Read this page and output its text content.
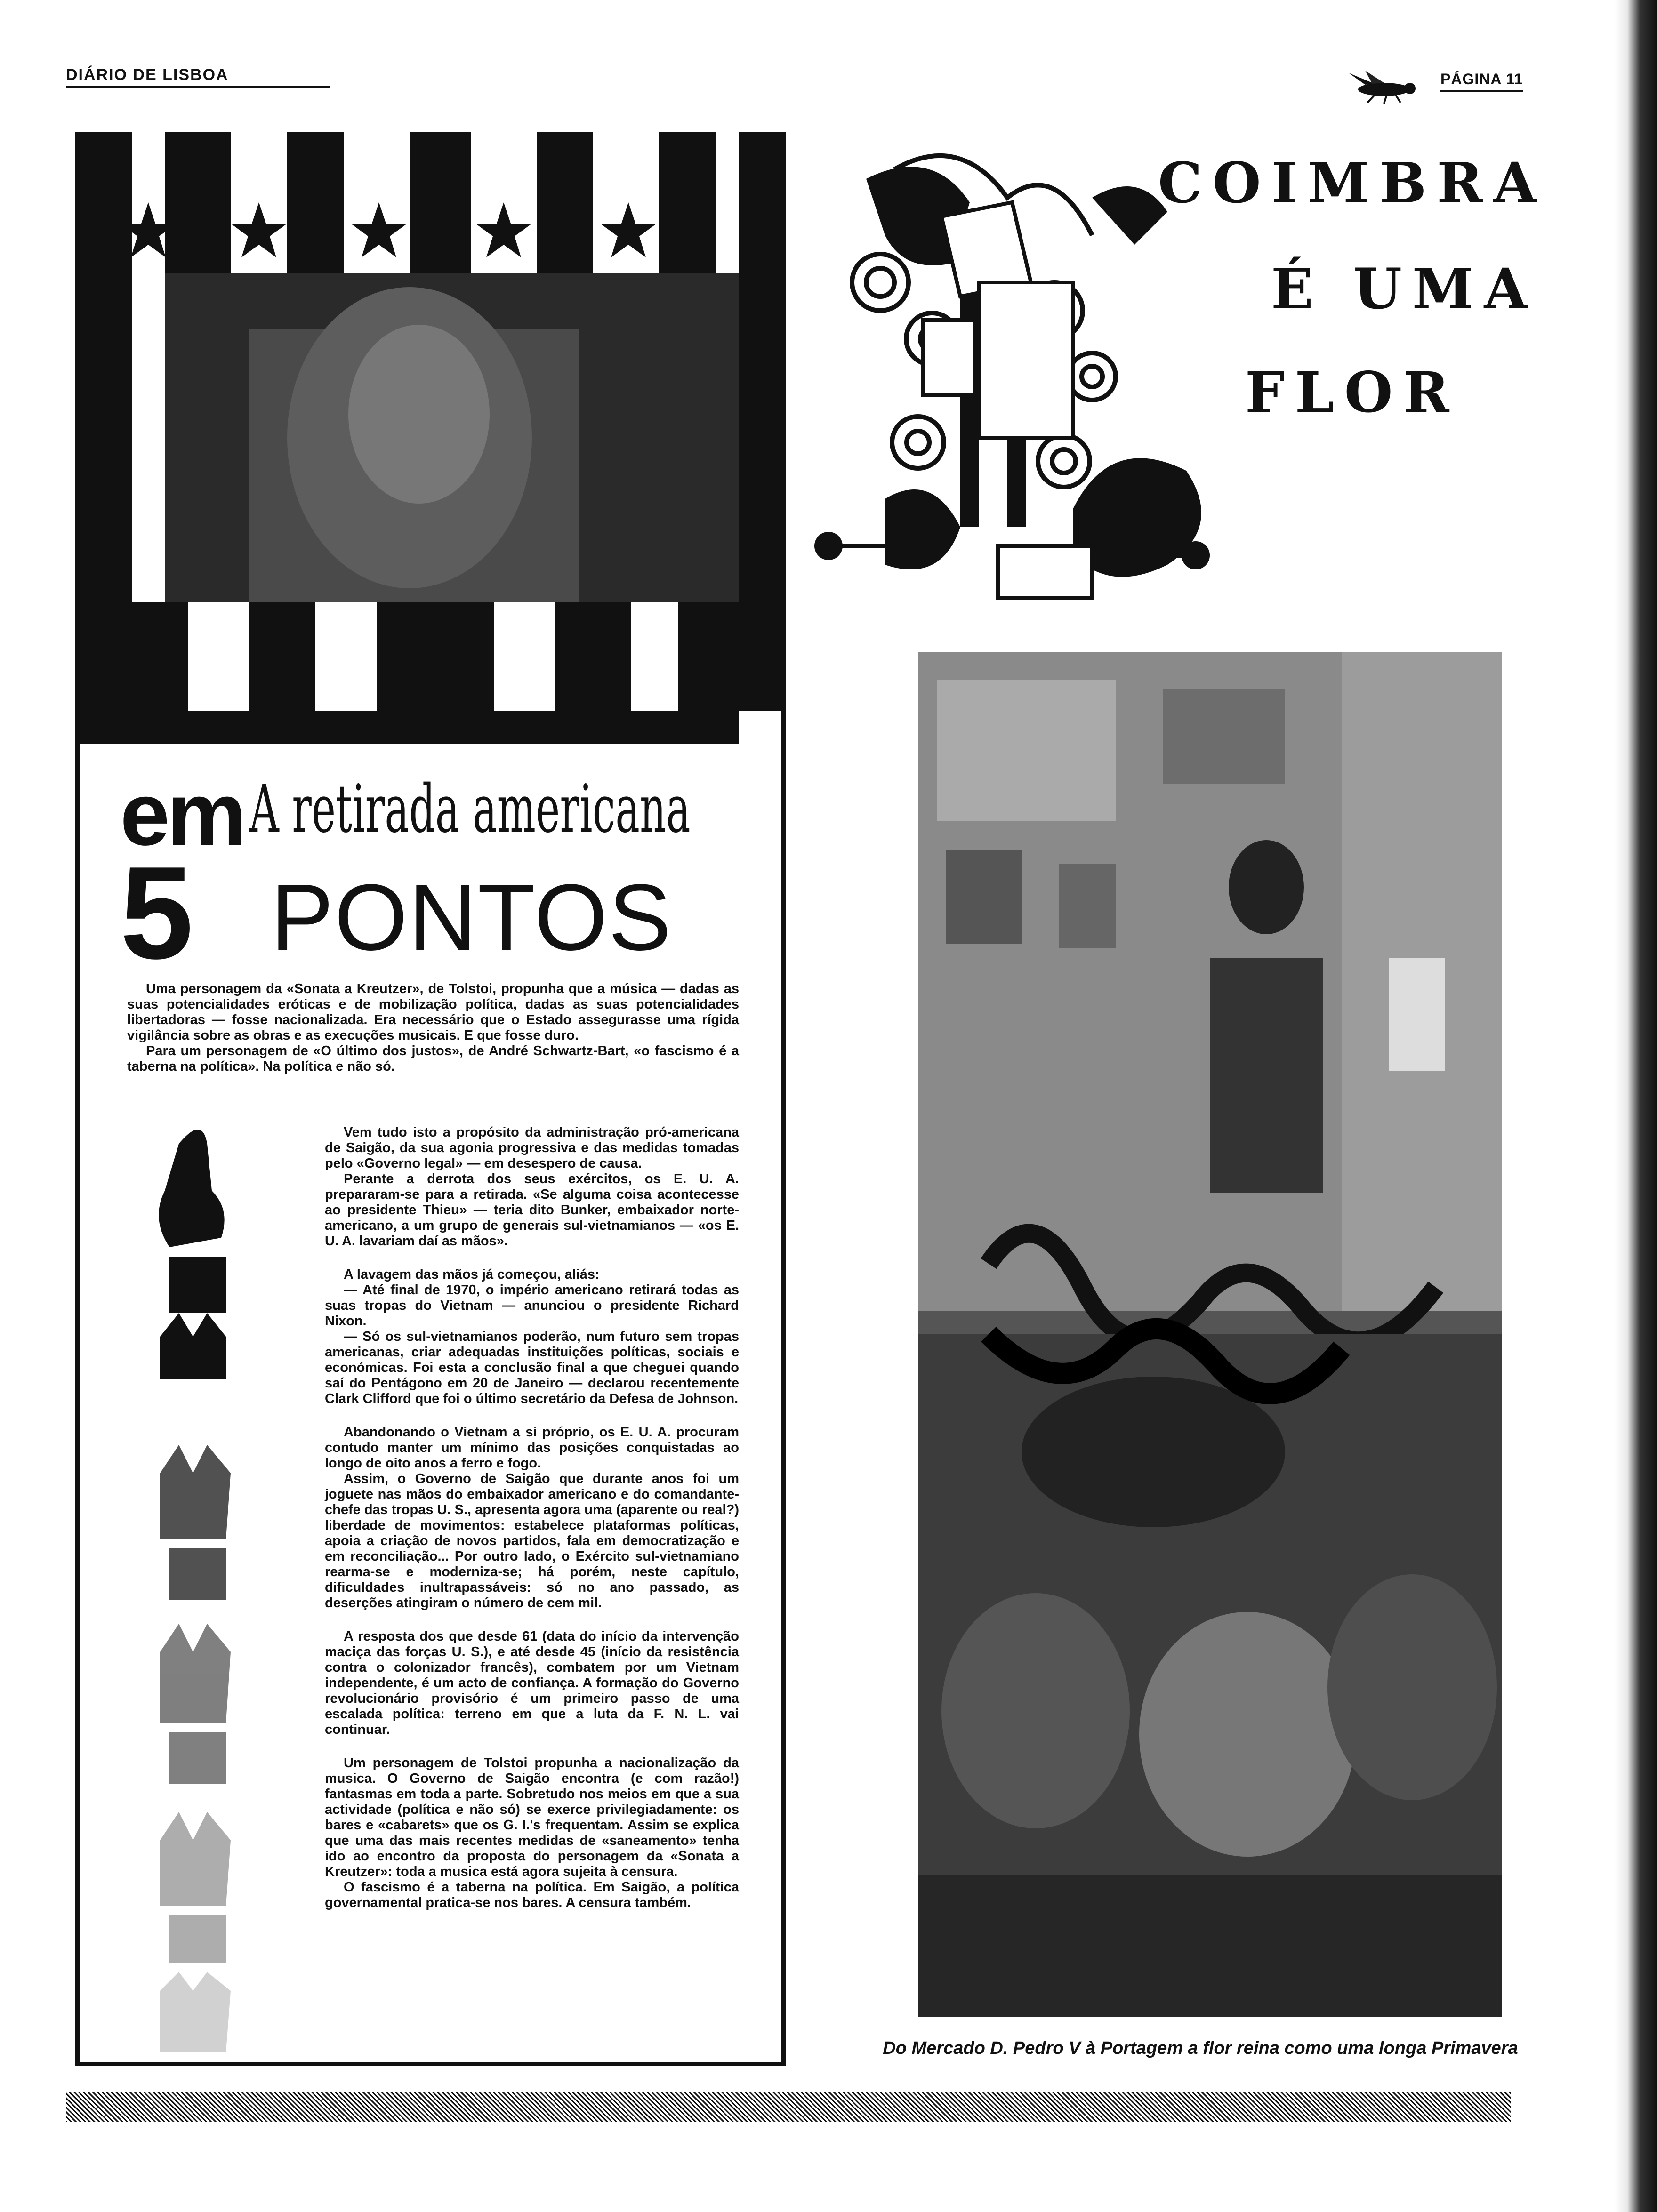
DIÁRIO DE LISBOA	PÁGINA 11
em A retirada americana
5 PONTOS

Uma personagem da «Sonata a Kreutzer», de Tolstoi, propunha que a música — dadas as suas potencialidades eróticas e de mobilização política, dadas as suas potencialidades libertadoras — fosse nacionalizada. Era necessário que o Estado assegurasse uma rígida vigilância sobre as obras e as execuções musicais. E que fosse duro.

Para um personagem de «O último dos justos», de André Schwartz-Bart, «o fascismo é a taberna na política». Na política e não só.

Vem tudo isto a propósito da administração pró-americana de Saigão, da sua agonia progressiva e das medidas tomadas pelo «Governo legal» — em desespero de causa.

Perante a derrota dos seus exércitos, os E. U. A. prepararam-se para a retirada. «Se alguma coisa acontecesse ao presidente Thieu» — teria dito Bunker, embaixador norte-americano, a um grupo de generais sul-vietnamianos — «os E. U. A. lavariam daí as mãos».

A lavagem das mãos já começou, aliás:

— Até final de 1970, o império americano retirará todas as suas tropas do Vietnam — anunciou o presidente Richard Nixon.

— Só os sul-vietnamianos poderão, num futuro sem tropas americanas, criar adequadas instituições políticas, sociais e económicas. Foi esta a conclusão final a que cheguei quando saí do Pentágono em 20 de Janeiro — declarou recentemente Clark Clifford que foi o último secretário da Defesa de Johnson.

Abandonando o Vietnam a si próprio, os E. U. A. procuram contudo manter um mínimo das posições conquistadas ao longo de oito anos a ferro e fogo.

Assim, o Governo de Saigão que durante anos foi um joguete nas mãos do embaixador americano e do comandante-chefe das tropas U. S., apresenta agora uma (aparente ou real?) liberdade de movimentos: estabelece plataformas políticas, apoia a criação de novos partidos, fala em democratização e em reconciliação... Por outro lado, o Exército sul-vietnamiano rearma-se e moderniza-se; há porém, neste capítulo, dificuldades inultrapassáveis: só no ano passado, as deserções atingiram o número de cem mil.

A resposta dos que desde 61 (data do início da intervenção maciça das forças U. S.), e até desde 45 (início da resistência contra o colonizador francês), combatem por um Vietnam independente, é um acto de confiança. A formação do Governo revolucionário provisório é um primeiro passo de uma escalada política: terreno em que a luta da F. N. L. vai continuar.

Um personagem de Tolstoi propunha a nacionalização da musica. O Governo de Saigão encontra (e com razão!) fantasmas em toda a parte. Sobretudo nos meios em que a sua actividade (política e não só) se exerce privilegiadamente: os bares e «cabarets» que os G. I.'s frequentam. Assim se explica que uma das mais recentes medidas de «saneamento» tenha ido ao encontro da proposta do personagem da «Sonata a Kreutzer»: toda a musica está agora sujeita à censura.

O fascismo é a taberna na política. Em Saigão, a política governamental pratica-se nos bares. A censura também.

COIMBRA
É UMA
FLOR
Do Mercado D. Pedro V à Portagem a flor reina como uma longa Primavera
